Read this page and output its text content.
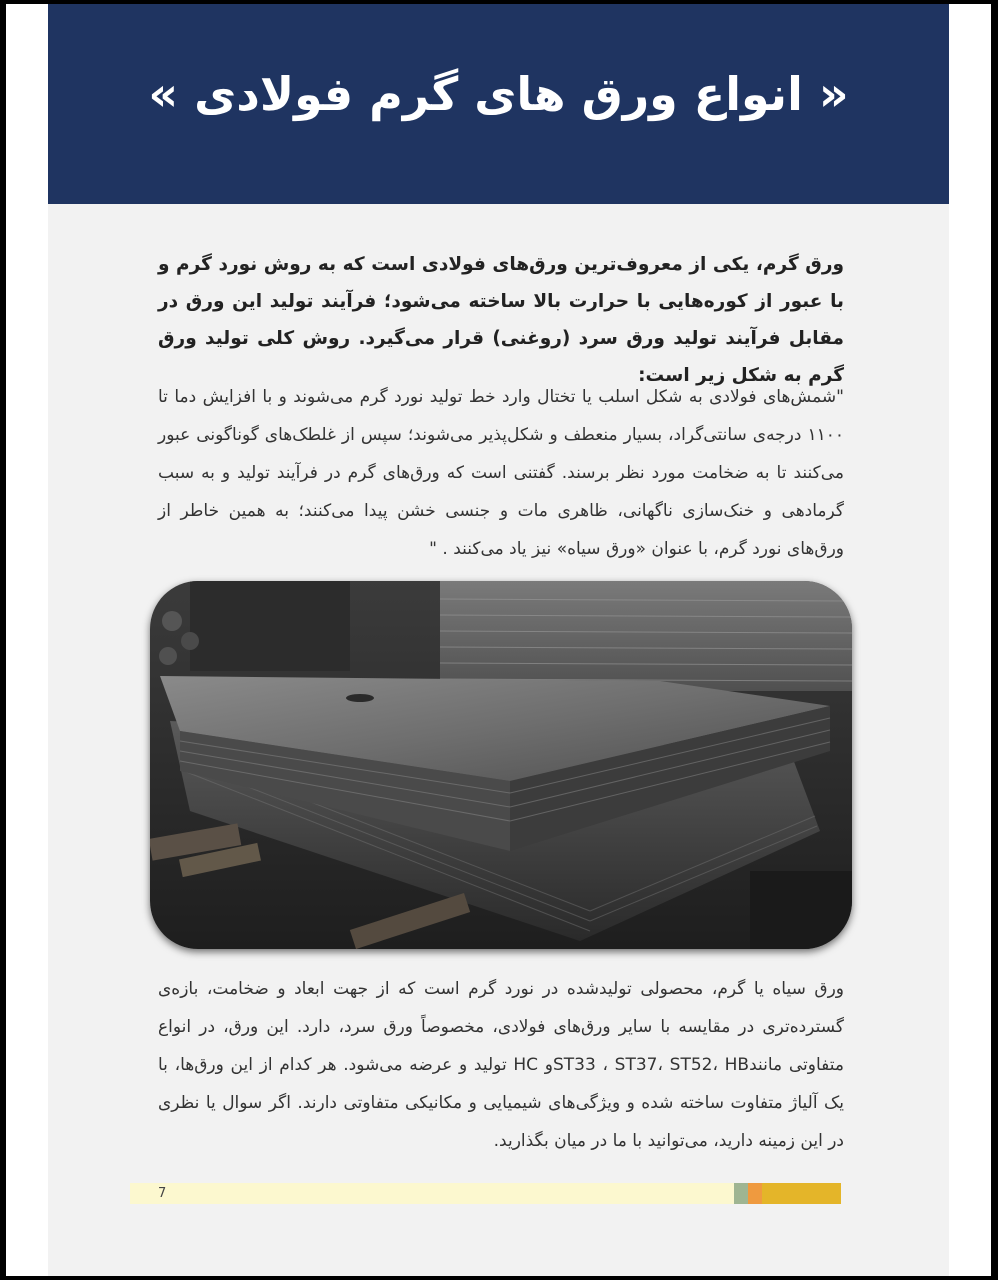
« انواع ورق های گرم فولادی »
ورق گرم، یکی از معروف‌ترین ورق‌های فولادی است که به روش نورد گرم و با عبور از کوره‌هایی با حرارت بالا ساخته می‌شود؛ فرآیند تولید این ورق در مقابل فرآیند تولید ورق سرد (روغنی) قرار می‌گیرد. روش کلی تولید ورق گرم به شکل زیر است:
"شمش‌های فولادی به شکل اسلب یا تختال وارد خط تولید نورد گرم می‌شوند و با افزایش دما تا ۱۱۰۰ درجه‌ی سانتی‌گراد، بسیار منعطف و شکل‌پذیر می‌شوند؛ سپس از غلطک‌های گوناگونی عبور می‌کنند تا به ضخامت مورد نظر برسند. گفتنی است که ورق‌های گرم در فرآیند تولید و به سبب گرمادهی و خنک‌سازی ناگهانی، ظاهری مات و جنسی خشن پیدا می‌کنند؛ به همین خاطر از ورق‌های نورد گرم، با عنوان «ورق سیاه» نیز یاد می‌کنند . "
ورق سیاه یا گرم، محصولی تولیدشده در نورد گرم است که از جهت ابعاد و ضخامت، بازه‌ی گسترده‌تری در مقایسه با سایر ورق‌های فولادی، مخصوصاً ورق سرد، دارد. این ورق، در انواع متفاوتی مانندST33 ، ST37، ST52، HBو HC تولید و عرضه می‌شود. هر کدام از این ورق‌ها، با یک آلیاژ متفاوت ساخته شده و ویژگی‌های شیمیایی و مکانیکی متفاوتی دارند. اگر سوال یا نظری در این زمینه دارید، می‌توانید با ما در میان بگذارید.
7
